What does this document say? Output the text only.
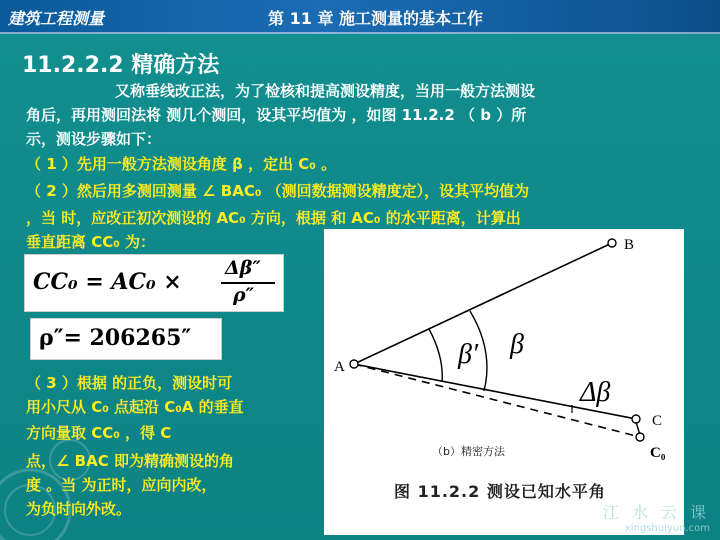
建筑工程测量	第 11 章 施工测量的基本工作
11.2.2.2 精确方法
又称垂线改正法，为了检核和提高测设精度，当用一般方法测设
角后，再用测回法将 测几个测回，设其平均值为 ，如图 11.2.2 （ b ）所
示，测设步骤如下：
（ 1 ）先用一般方法测设角度 β ，定出 C₀ 。
（ 2 ）然后用多测回测量 ∠ BAC₀ （测回数据测设精度定），设其平均值为
，当 时，应改正初次测设的 AC₀ 方向，根据 和 AC₀ 的水平距离，计算出
垂直距离 CC₀ 为：
CC₀ = AC₀ ×
Δβ″
ρ″
ρ″= 206265″
（ 3 ）根据 的正负，测设时可
用小尺从 C₀ 点起沿 C₀A 的垂直
方向量取 CC₀ ，得 C
点，∠ BAC 即为精确测设的角
度 。当 为正时，应向内改，
为负时向外改。
A
B
C
C₀
β′ β
Δβ
（b）精密方法
图 11.2.2 测设已知水平角
江 水 云 课
xingshuiyun.com
